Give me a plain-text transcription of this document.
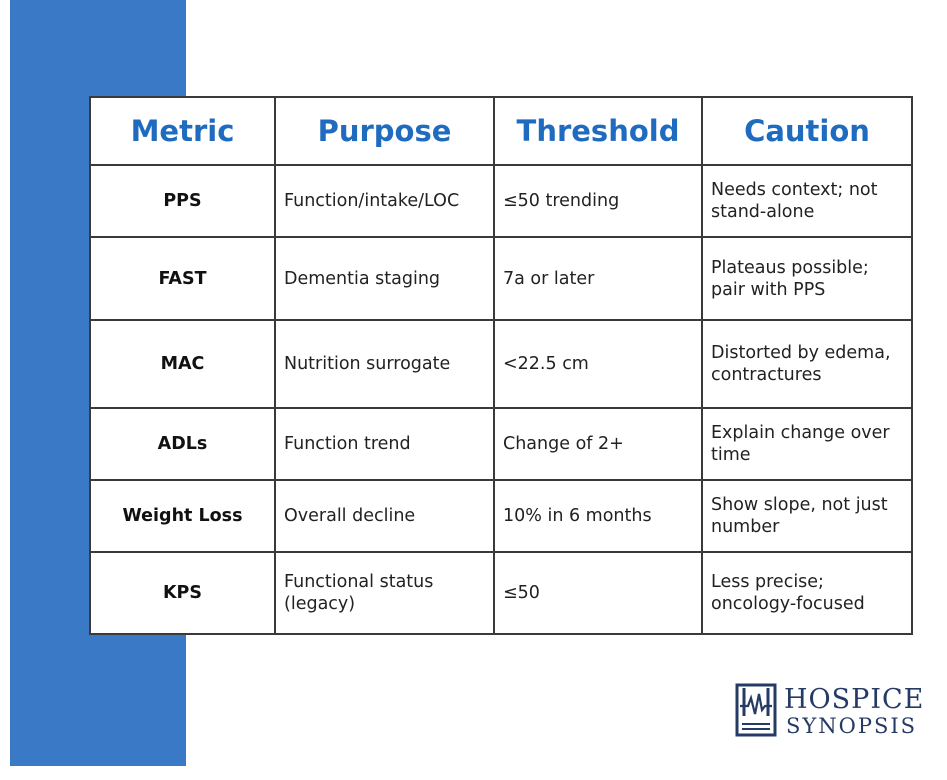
Metric	Purpose	Threshold	Caution
PPS	Function/intake/LOC	≤50 trending	Needs context; not stand-alone
FAST	Dementia staging	7a or later	Plateaus possible; pair with PPS
MAC	Nutrition surrogate	<22.5 cm	Distorted by edema, contractures
ADLs	Function trend	Change of 2+	Explain change over time
Weight Loss	Overall decline	10% in 6 months	Show slope, not just number
KPS	Functional status (legacy)	≤50	Less precise; oncology-focused
HOSPICE
SYNOPSIS
